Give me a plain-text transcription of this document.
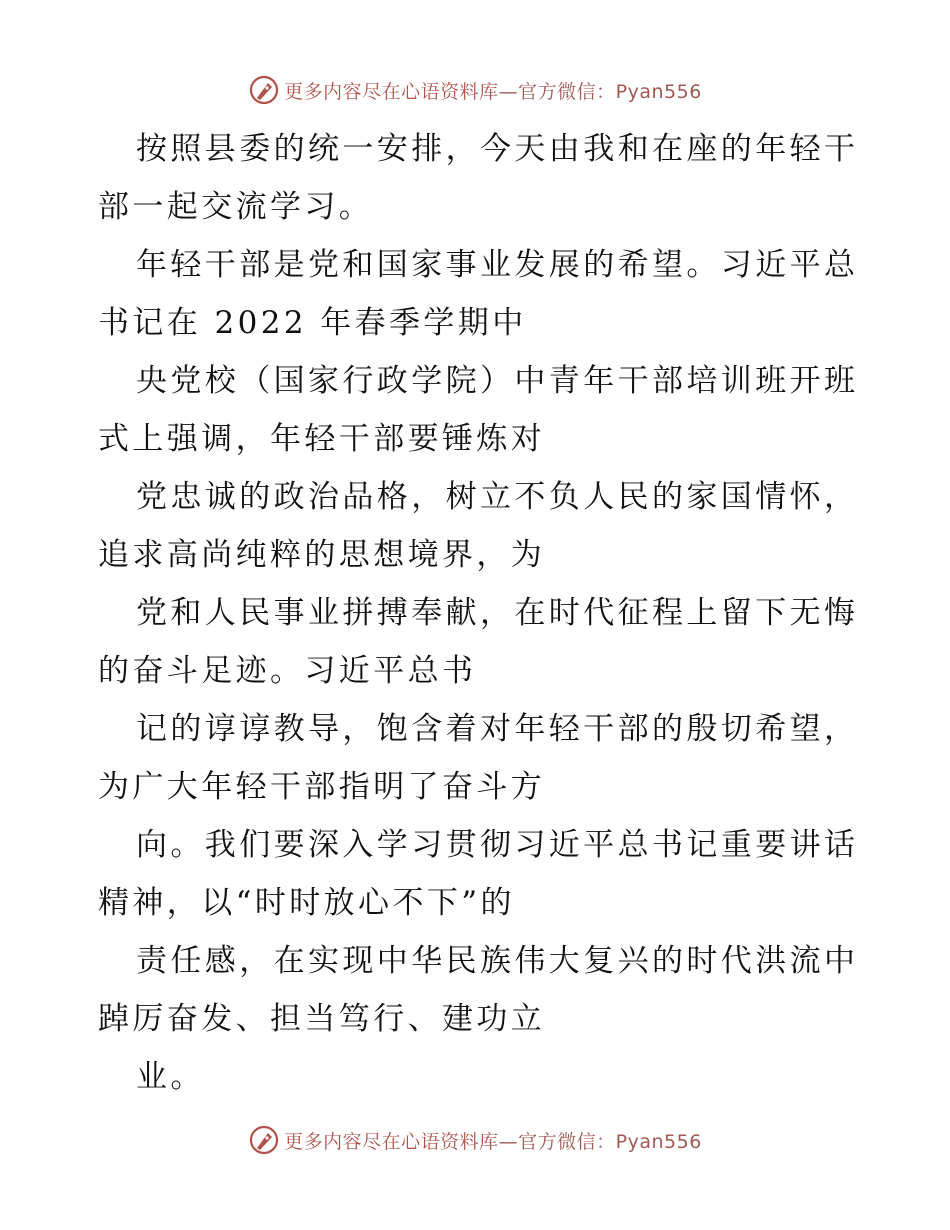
更多内容尽在心语资料库—官方微信：Pyan556
按照县委的统一安排，今天由我和在座的年轻干
部一起交流学习。
年轻干部是党和国家事业发展的希望。习近平总
书记在 2022 年春季学期中
央党校（国家行政学院）中青年干部培训班开班
式上强调，年轻干部要锤炼对
党忠诚的政治品格，树立不负人民的家国情怀，
追求高尚纯粹的思想境界，为
党和人民事业拼搏奉献，在时代征程上留下无悔
的奋斗足迹。习近平总书
记的谆谆教导，饱含着对年轻干部的殷切希望，
为广大年轻干部指明了奋斗方
向。我们要深入学习贯彻习近平总书记重要讲话
精神，以“时时放心不下”的
责任感，在实现中华民族伟大复兴的时代洪流中
踔厉奋发、担当笃行、建功立
业。
更多内容尽在心语资料库—官方微信：Pyan556
